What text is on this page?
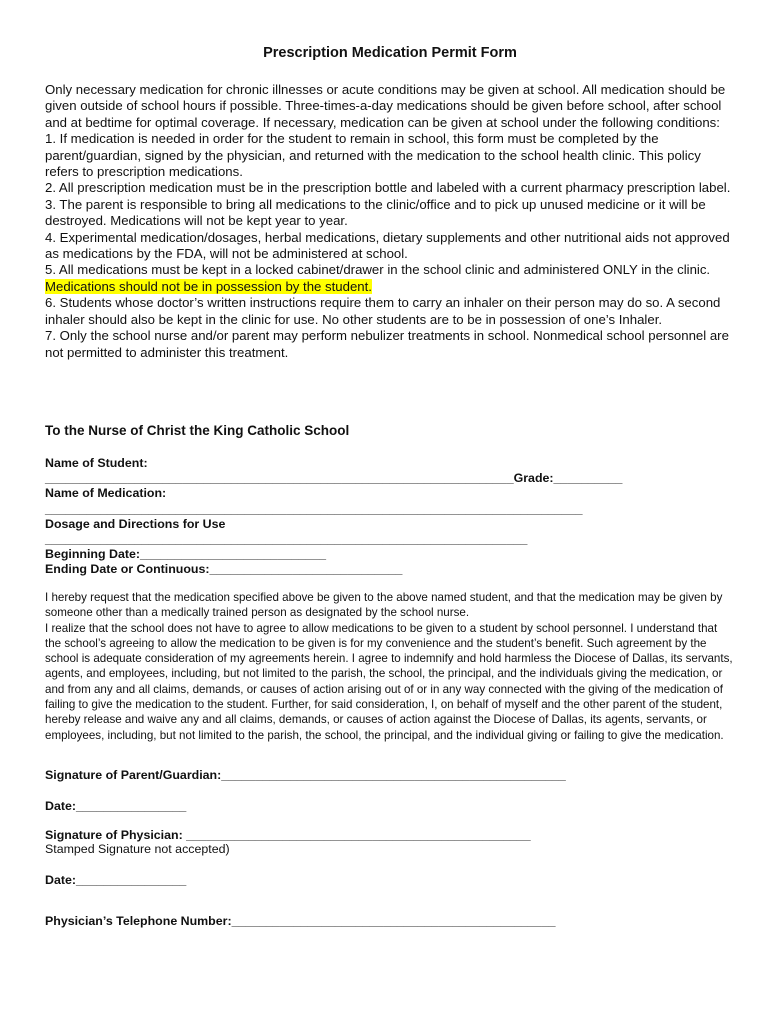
Prescription Medication Permit Form

Only necessary medication for chronic illnesses or acute conditions may be given at school. All medication should be given outside of school hours if possible. Three-times-a-day medications should be given before school, after school and at bedtime for optimal coverage. If necessary, medication can be given at school under the following conditions:

1. If medication is needed in order for the student to remain in school, this form must be completed by the parent/guardian, signed by the physician, and returned with the medication to the school health clinic. This policy refers to prescription medications.

2. All prescription medication must be in the prescription bottle and labeled with a current pharmacy prescription label.

3. The parent is responsible to bring all medications to the clinic/office and to pick up unused medicine or it will be destroyed. Medications will not be kept year to year.

4. Experimental medication/dosages, herbal medications, dietary supplements and other nutritional aids not approved as medications by the FDA, will not be administered at school.

5. All medications must be kept in a locked cabinet/drawer in the school clinic and administered ONLY in the clinic. Medications should not be in possession by the student.

6. Students whose doctor’s written instructions require them to carry an inhaler on their person may do so. A second inhaler should also be kept in the clinic for use. No other students are to be in possession of one’s Inhaler.

7. Only the school nurse and/or parent may perform nebulizer treatments in school. Nonmedical school personnel are not permitted to administer this treatment.

To the Nurse of Christ the King Catholic School
Name of Student:
____________________________________________________________________Grade:__________
Name of Medication:
______________________________________________________________________________
Dosage and Directions for Use
______________________________________________________________________
Beginning Date:___________________________
Ending Date or Continuous:____________________________

I hereby request that the medication specified above be given to the above named student, and that the medication may be given by someone other than a medically trained person as designated by the school nurse.

I realize that the school does not have to agree to allow medications to be given to a student by school personnel. I understand that the school’s agreeing to allow the medication to be given is for my convenience and the student’s benefit. Such agreement by the school is adequate consideration of my agreements herein. I agree to indemnify and hold harmless the Diocese of Dallas, its servants, agents, and employees, including, but not limited to the parish, the school, the principal, and the individuals giving the medication, or and from any and all claims, demands, or causes of action arising out of or in any way connected with the giving of the medication of failing to give the medication to the student. Further, for said consideration, I, on behalf of myself and the other parent of the student, hereby release and waive any and all claims, demands, or causes of action against the Diocese of Dallas, its agents, servants, or employees, including, but not limited to the parish, the school, the principal, and the individual giving or failing to give the medication.

Signature of Parent/Guardian:__________________________________________________
Date:________________
Signature of Physician: __________________________________________________
Stamped Signature not accepted)
Date:________________
Physician’s Telephone Number:_______________________________________________
